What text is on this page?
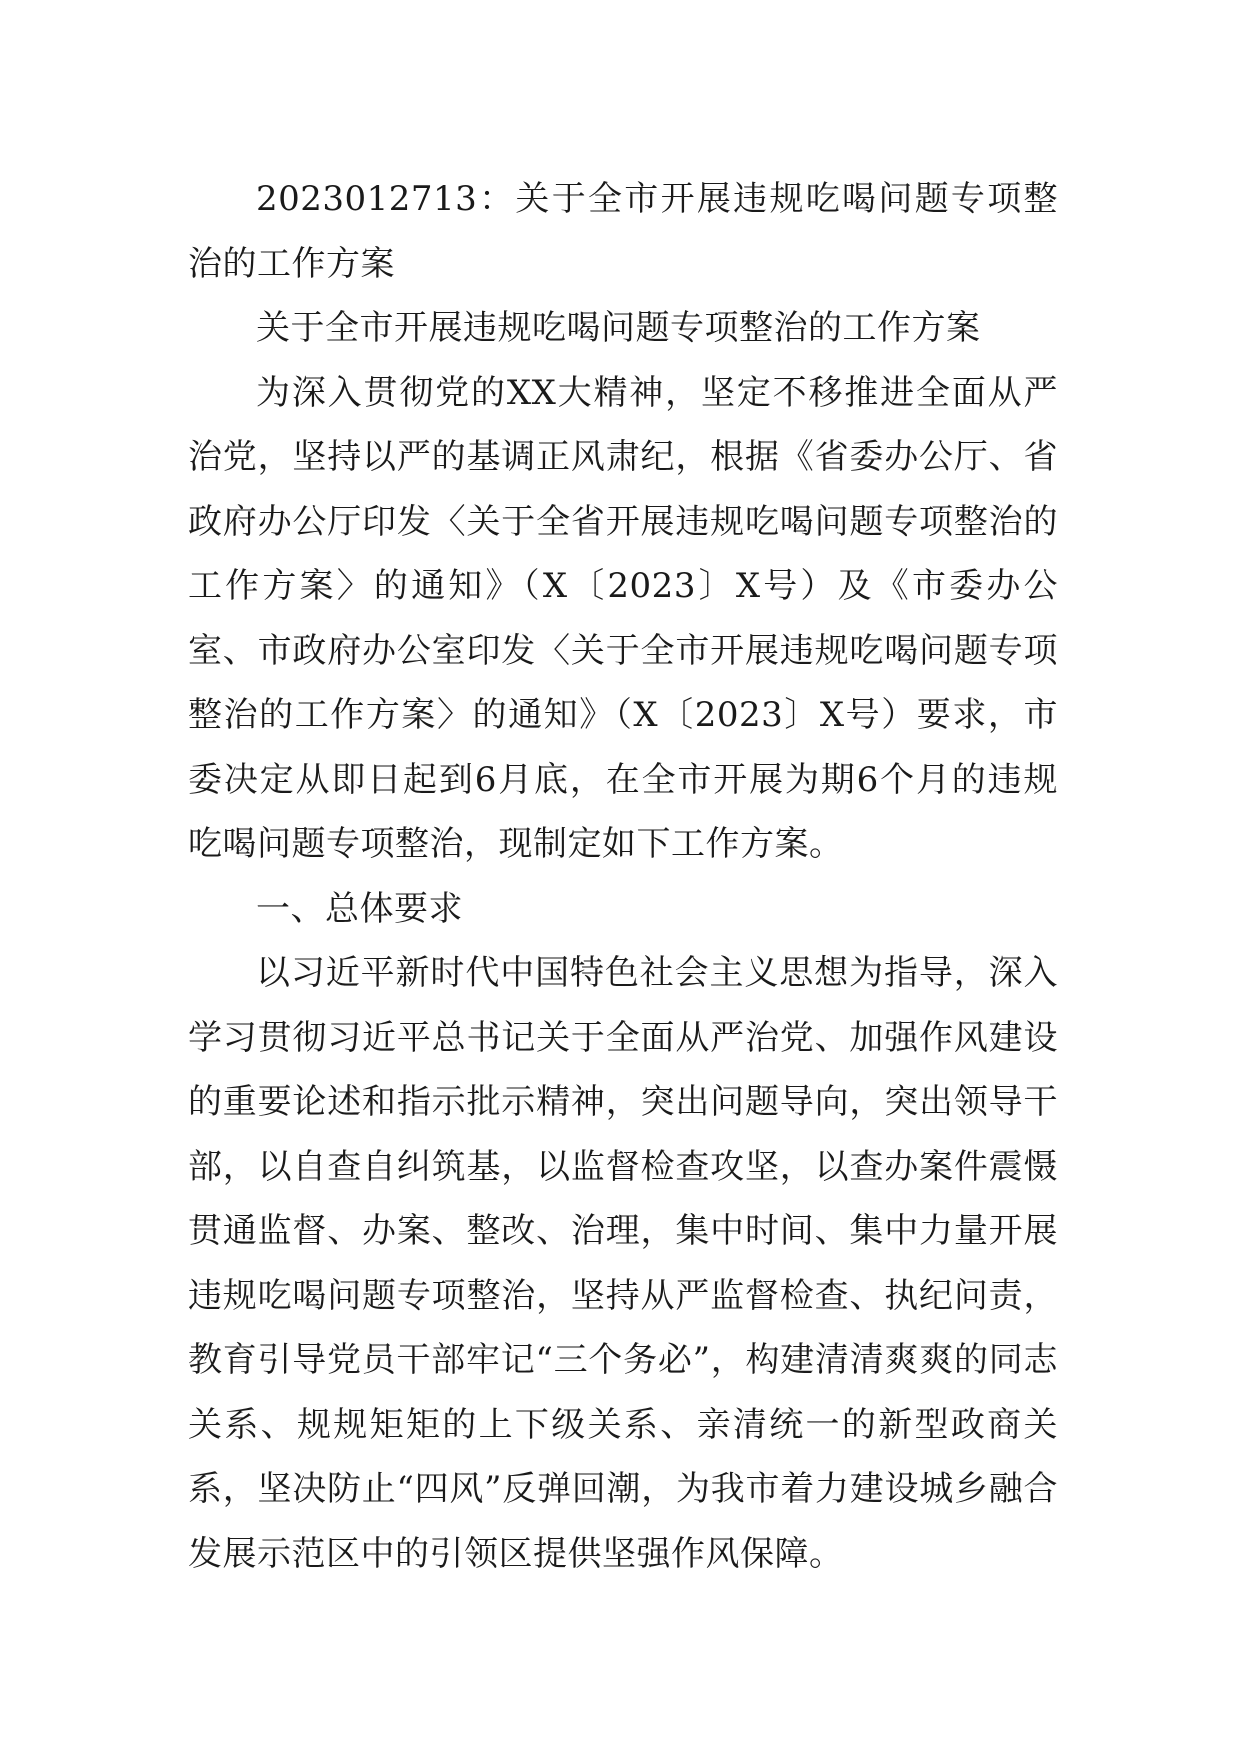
2023012713：关于全市开展违规吃喝问题专项整治的工作方案

关于全市开展违规吃喝问题专项整治的工作方案

为深入贯彻党的XX大精神，坚定不移推进全面从严治党，坚持以严的基调正风肃纪，根据《省委办公厅、省政府办公厅印发〈关于全省开展违规吃喝问题专项整治的工作方案〉的通知》（X〔2023〕X号）及《市委办公室、市政府办公室印发〈关于全市开展违规吃喝问题专项整治的工作方案〉的通知》（X〔2023〕X号）要求，市委决定从即日起到6月底，在全市开展为期6个月的违规吃喝问题专项整治，现制定如下工作方案。

一、总体要求

以习近平新时代中国特色社会主义思想为指导，深入学习贯彻习近平总书记关于全面从严治党、加强作风建设的重要论述和指示批示精神，突出问题导向，突出领导干部，以自查自纠筑基，以监督检查攻坚，以查办案件震慑贯通监督、办案、整改、治理，集中时间、集中力量开展违规吃喝问题专项整治，坚持从严监督检查、执纪问责，教育引导党员干部牢记“三个务必”，构建清清爽爽的同志关系、规规矩矩的上下级关系、亲清统一的新型政商关系，坚决防止“四风”反弹回潮，为我市着力建设城乡融合发展示范区中的引领区提供坚强作风保障。
